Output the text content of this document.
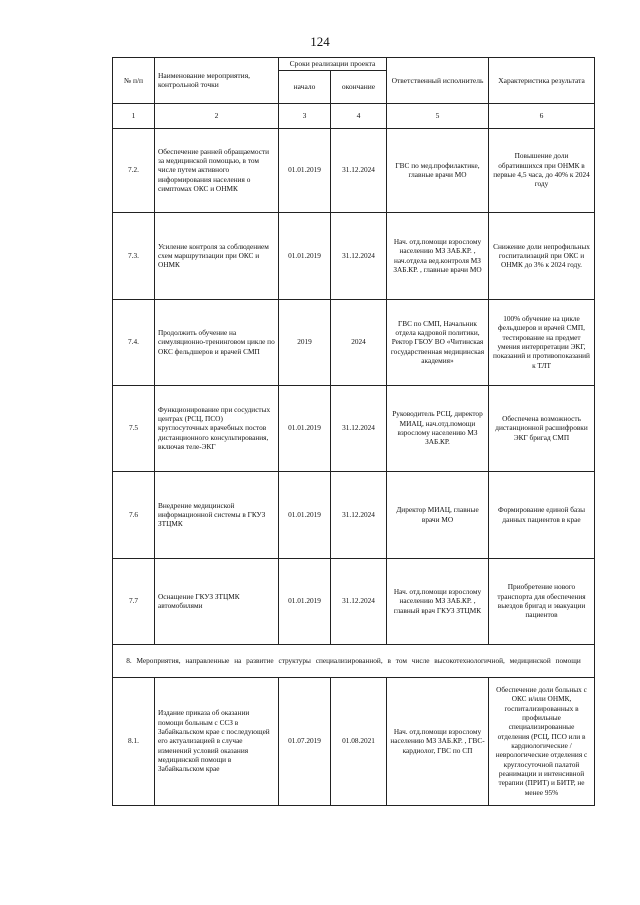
124
№ п/п	Наименование мероприятия, контрольной точки	Сроки реализации проекта		Ответственный исполнитель	Характеристика результата
		начало	окончание		
1	2	3	4	5	6
7.2.	Обеспечение ранней обращаемости за медицинской помощью, в том числе путем активного информирования населения о симптомах ОКС и ОНМК	01.01.2019	31.12.2024	ГВС по мед.профилактике, главные врачи МО	Повышение доли обратившихся при ОНМК в первые 4,5 часа, до 40% к 2024 году
7.3.	Усиление контроля за соблюдением схем маршрутизации при ОКС и ОНМК	01.01.2019	31.12.2024	Нач. отд.помощи взрослому населению МЗ ЗАБ.КР. , нач.отдела вед.контроля МЗ ЗАБ.КР. , главные врачи МО	Снижение доли непрофильных госпитализаций при ОКС и ОНМК до 3% к 2024 году.
7.4.	Продолжить обучение на симуляционно-тренинговом цикле по ОКС фельдшеров и врачей СМП	2019	2024	ГВС по СМП, Начальник отдела кадровой политики, Ректор ГБОУ ВО «Читинская государственная медицинская академия»	100% обучение на цикле фельдшеров и врачей СМП, тестирование на предмет умения интерпретации ЭКГ, показаний и противопоказаний к ТЛТ
7.5	Функционирование при сосудистых центрах (РСЦ, ПСО) круглосуточных врачебных постов дистанционного консультирования, включая теле-ЭКГ	01.01.2019	31.12.2024	Руководитель РСЦ, директор МИАЦ, нач.отд.помощи взрослому населению МЗ ЗАБ.КР.	Обеспечена возможность дистанционной расшифровки ЭКГ бригад СМП
7.6	Внедрение медицинской информационной системы в ГКУЗ ЗТЦМК	01.01.2019	31.12.2024	Директор МИАЦ, главные врачи МО	Формирование единой базы данных пациентов в крае
7.7	Оснащение ГКУЗ ЗТЦМК автомобилями	01.01.2019	31.12.2024	Нач. отд.помощи взрослому населению МЗ ЗАБ.КР. , главный врач ГКУЗ ЗТЦМК	Приобретение нового транспорта для обеспечения выездов бригад и эвакуации пациентов
8. Мероприятия, направленные на развитие структуры специализированной, в том числе высокотехнологичной, медицинской помощи					
8.1.	Издание приказа об оказании помощи больным с ССЗ в Забайкальском крае с последующей его актуализацией в случае изменений условий оказания медицинской помощи в Забайкальском крае	01.07.2019	01.08.2021	Нач. отд.помощи взрослому населению МЗ ЗАБ.КР. , ГВС-кардиолог, ГВС по СП	Обеспечение доли больных с ОКС и/или ОНМК, госпитализированных в профильные специализированные отделения (РСЦ, ПСО или в кардиологические / неврологические отделения с круглосуточной палатой реанимации и интенсивной терапии (ПРИТ) и БИТР, не менее 95%
